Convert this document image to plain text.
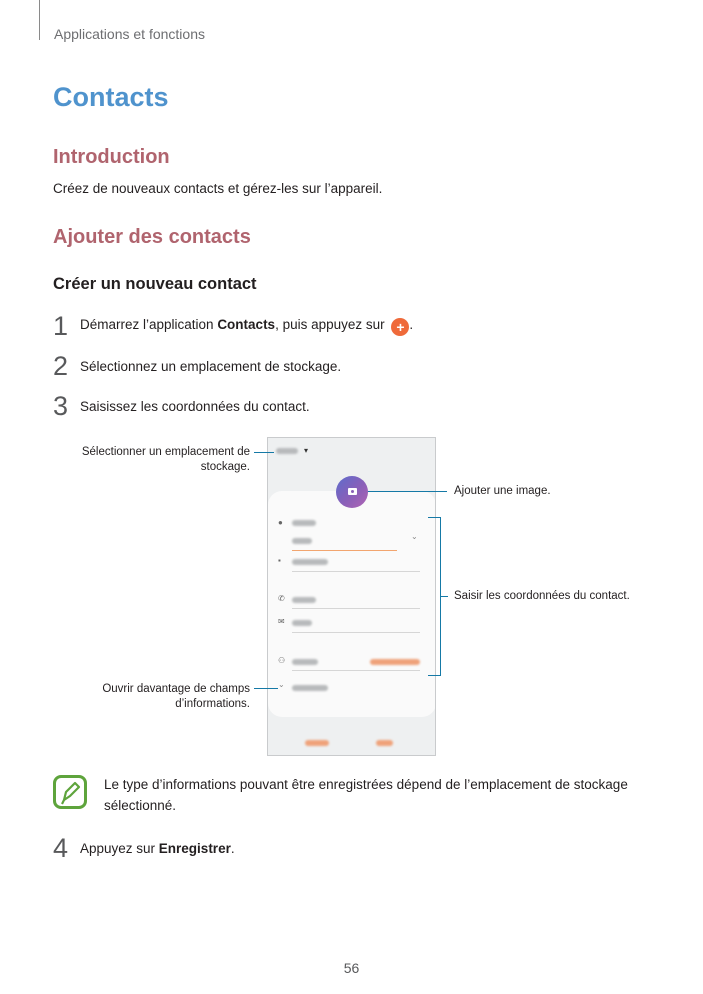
Applications et fonctions
Contacts
Introduction

Créez de nouveaux contacts et gérez-les sur l’appareil.

Ajouter des contacts
Créer un nouveau contact
1 Démarrez l’application Contacts, puis appuyez sur + .
2 Sélectionnez un emplacement de stockage.
3 Saisissez les coordonnées du contact.
▾
●
⌄
▪
✆
✉
⚇
⌄
Sélectionner un emplacement de stockage.
Ajouter une image.
Saisir les coordonnées du contact.
Ouvrir davantage de champs d’informations.

Le type d’informations pouvant être enregistrées dépend de l’emplacement de stockage sélectionné.

4 Appuyez sur Enregistrer.
56
